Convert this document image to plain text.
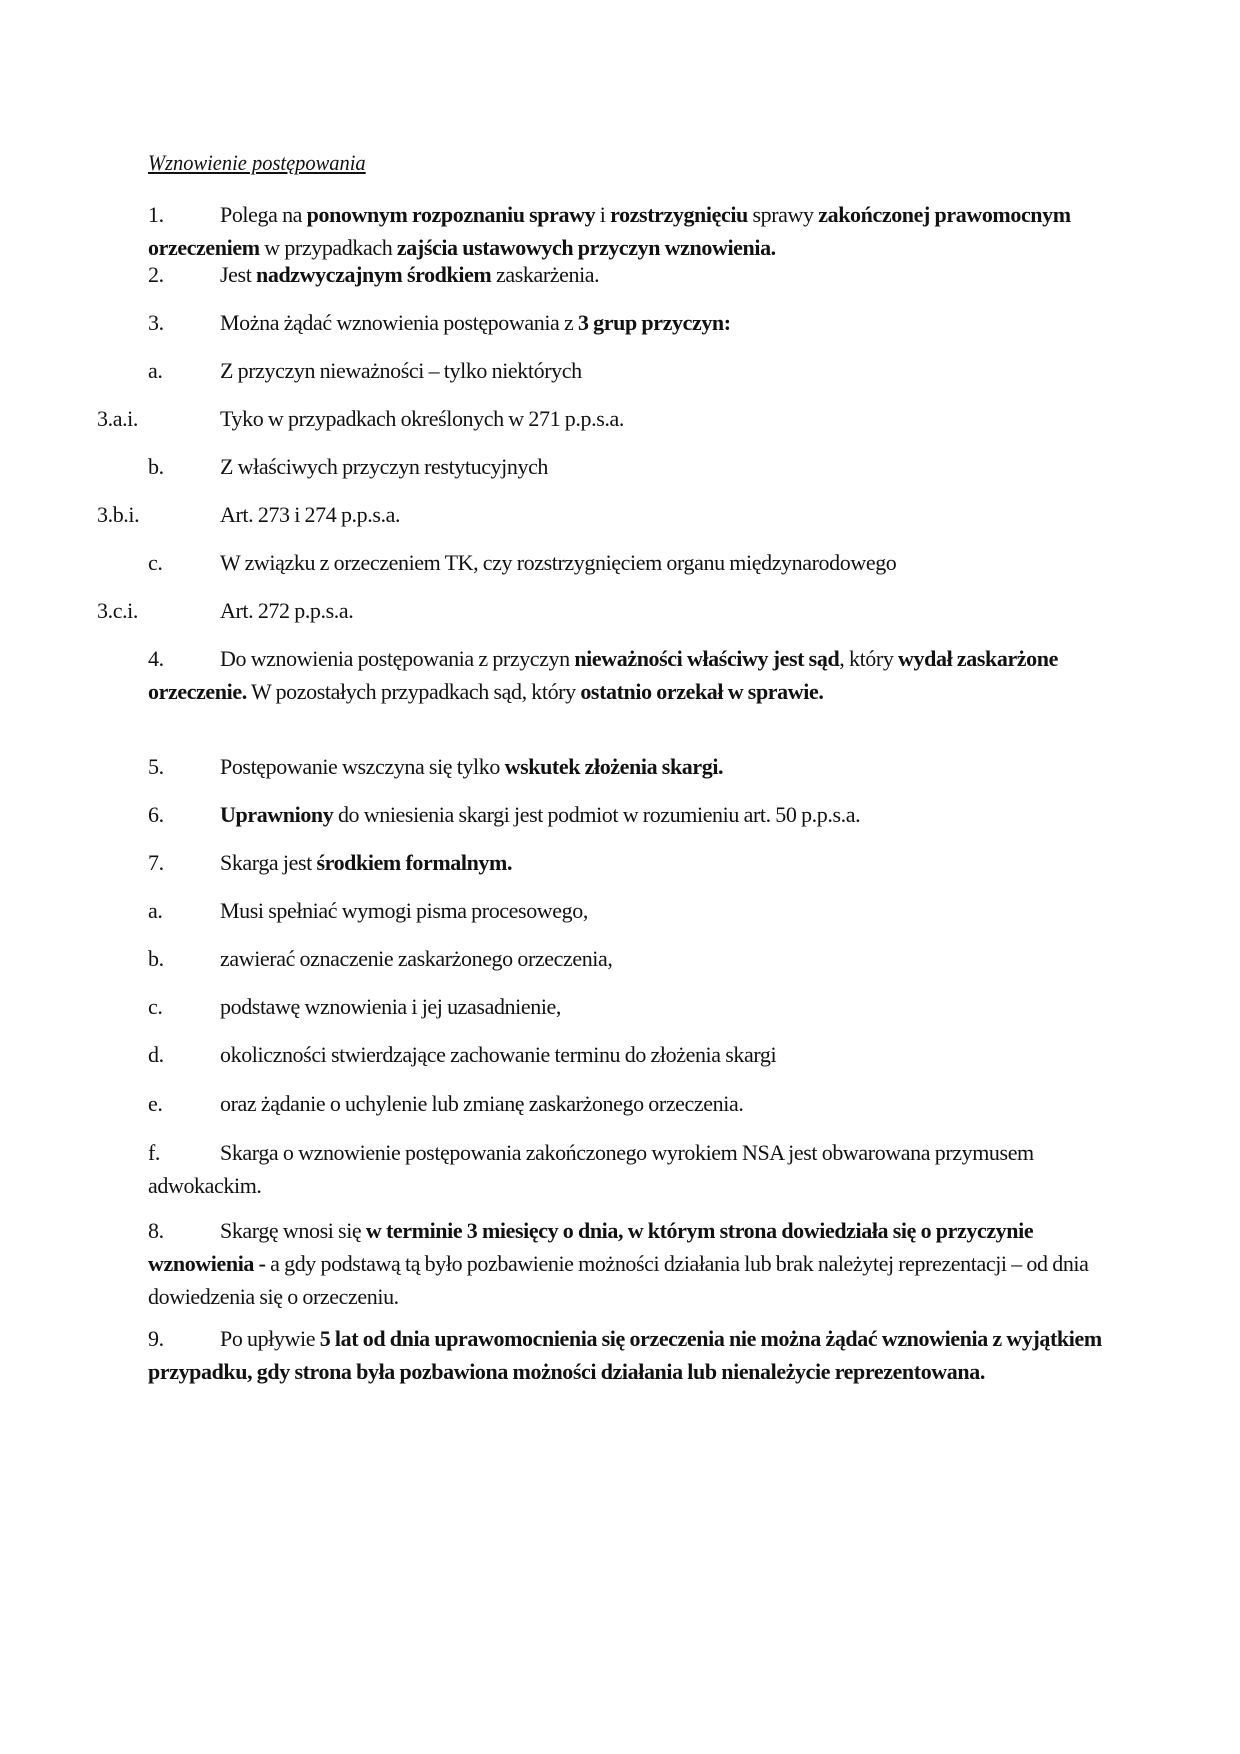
Wznowienie postępowania
1.	Polega na ponownym rozpoznaniu sprawy i rozstrzygnięciu sprawy zakończonej prawomocnym orzeczeniem w przypadkach zajścia ustawowych przyczyn wznowienia.
2.	Jest nadzwyczajnym środkiem zaskarżenia.
3.	Można żądać wznowienia postępowania z 3 grup przyczyn:
a.	Z przyczyn nieważności – tylko niektórych
3.a.i.	Tyko w przypadkach określonych w 271 p.p.s.a.
b.	Z właściwych przyczyn restytucyjnych
3.b.i.	Art. 273 i 274 p.p.s.a.
c.	W związku z orzeczeniem TK, czy rozstrzygnięciem organu międzynarodowego
3.c.i.	Art. 272 p.p.s.a.
4.	Do wznowienia postępowania z przyczyn nieważności właściwy jest sąd, który wydał zaskarżone orzeczenie. W pozostałych przypadkach sąd, który ostatnio orzekał w sprawie.
5.	Postępowanie wszczyna się tylko wskutek złożenia skargi.
6.	Uprawniony do wniesienia skargi jest podmiot w rozumieniu art. 50 p.p.s.a.
7.	Skarga jest środkiem formalnym.
a.	Musi spełniać wymogi pisma procesowego,
b.	zawierać oznaczenie zaskarżonego orzeczenia,
c.	podstawę wznowienia i jej uzasadnienie,
d.	okoliczności stwierdzające zachowanie terminu do złożenia skargi
e.	oraz żądanie o uchylenie lub zmianę zaskarżonego orzeczenia.
f.	Skarga o wznowienie postępowania zakończonego wyrokiem NSA jest obwarowana przymusem adwokackim.
8.	Skargę wnosi się w terminie 3 miesięcy o dnia, w którym strona dowiedziała się o przyczynie wznowienia - a gdy podstawą tą było pozbawienie możności działania lub brak należytej reprezentacji – od dnia dowiedzenia się o orzeczeniu.
9.	Po upływie 5 lat od dnia uprawomocnienia się orzeczenia nie można żądać wznowienia z wyjątkiem przypadku, gdy strona była pozbawiona możności działania lub nienależycie reprezentowana.
